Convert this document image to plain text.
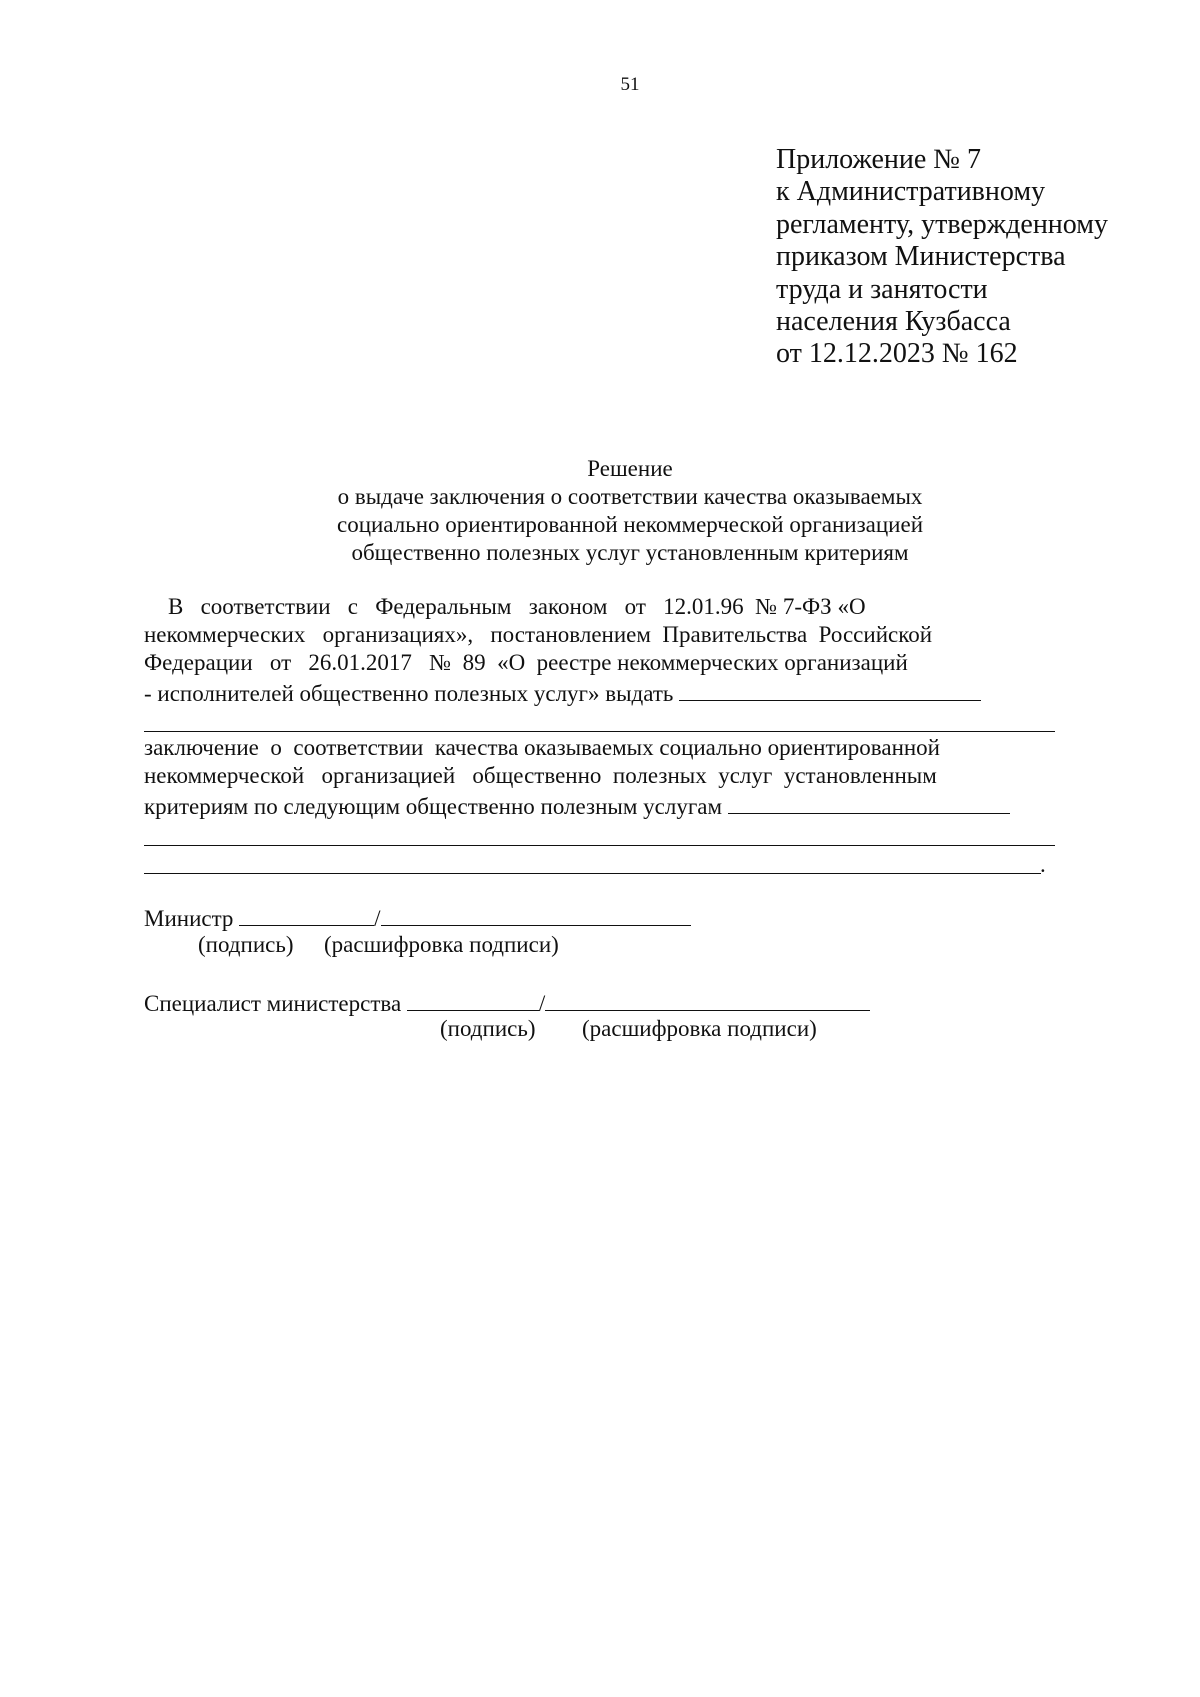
51
Приложение № 7
к Административному
регламенту, утвержденному
приказом Министерства
труда и занятости
населения Кузбасса
от 12.12.2023 № 162
Решение
о выдаче заключения о соответствии качества оказываемых
социально ориентированной некоммерческой организацией
общественно полезных услуг установленным критериям
В   соответствии   с   Федеральным   законом   от   12.01.96  № 7-ФЗ «О
некоммерческих   организациях»,   постановлением  Правительства  Российской
Федерации   от   26.01.2017   №  89  «О  реестре некоммерческих организаций
- исполнителей общественно полезных услуг» выдать
заключение  о  соответствии  качества оказываемых социально ориентированной
некоммерческой   организацией   общественно  полезных  услуг  установленным
критериям по следующим общественно полезным услугам
.
Министр	/
(подпись) (расшифровка подписи)
Специалист министерства	/
(подпись) (расшифровка подписи)
